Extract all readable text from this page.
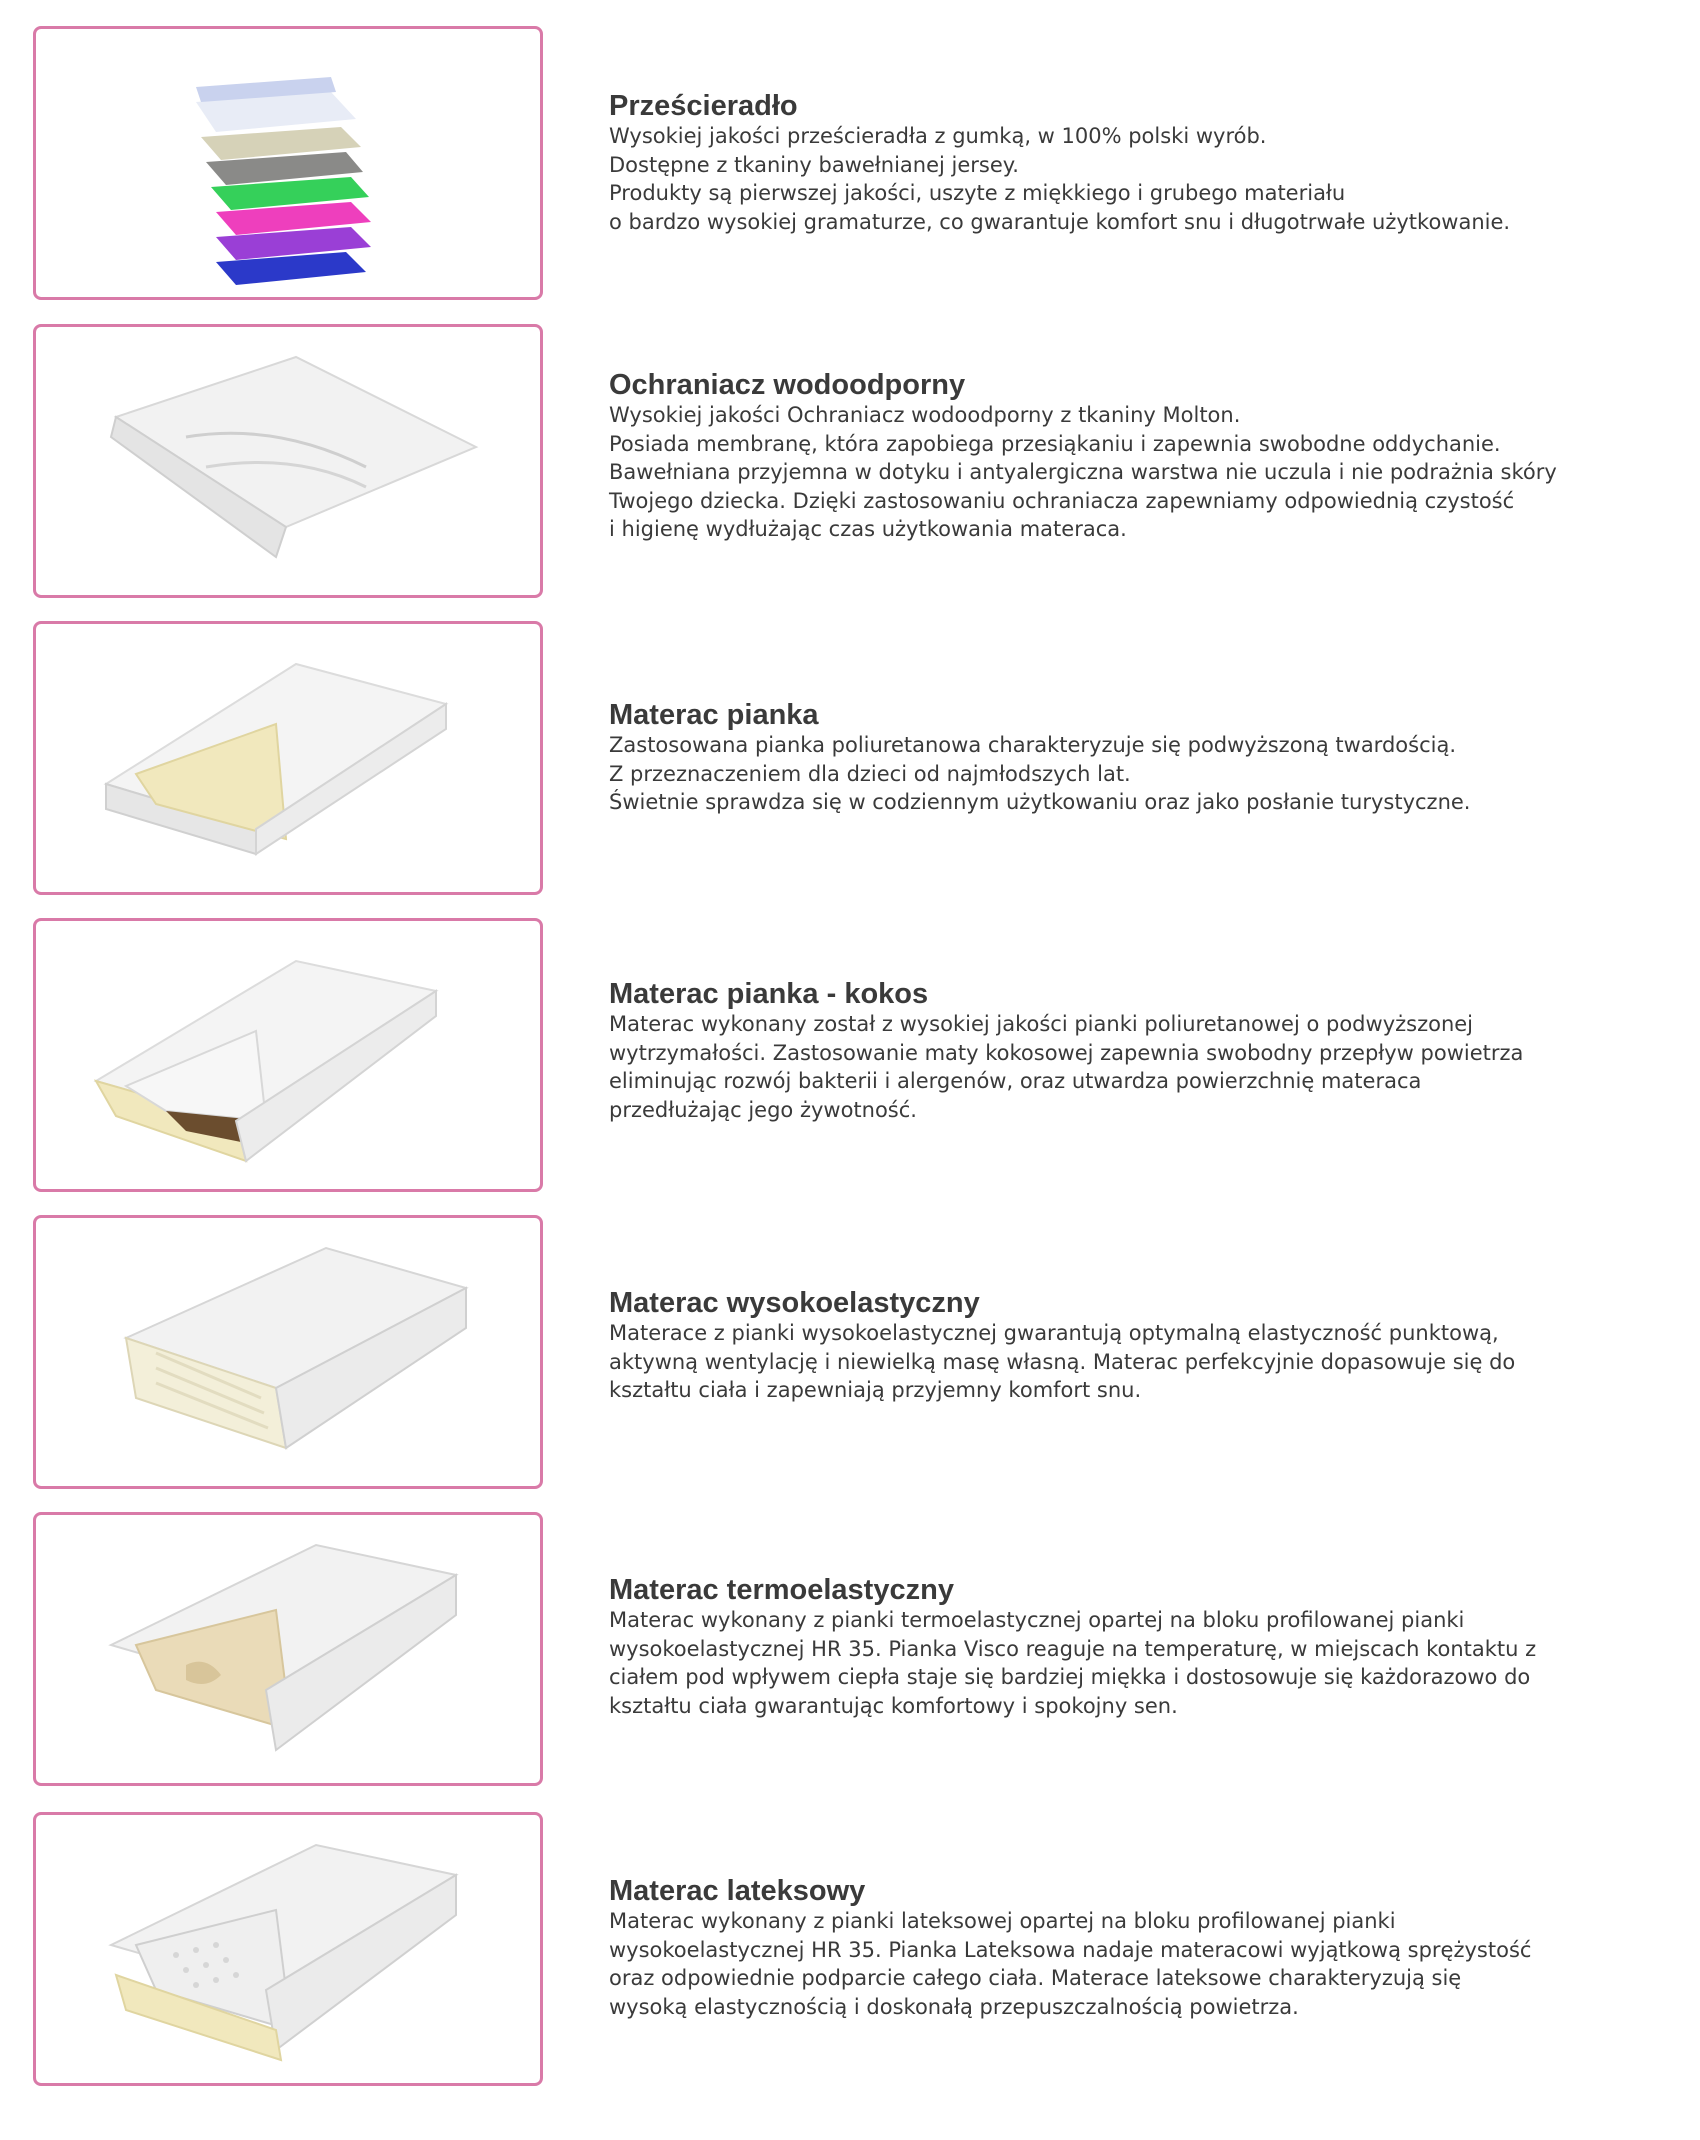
Prześcieradło

Wysokiej jakości prześcieradła z gumką, w 100% polski wyrób.
Dostępne z tkaniny bawełnianej jersey.
Produkty są pierwszej jakości, uszyte z miękkiego i grubego materiału
o bardzo wysokiej gramaturze, co gwarantuje komfort snu i długotrwałe użytkowanie.

Ochraniacz wodoodporny

Wysokiej jakości Ochraniacz wodoodporny z tkaniny Molton.
Posiada membranę, która zapobiega przesiąkaniu i zapewnia swobodne oddychanie.
Bawełniana przyjemna w dotyku i antyalergiczna warstwa nie uczula i nie podrażnia skóry
Twojego dziecka. Dzięki zastosowaniu ochraniacza zapewniamy odpowiednią czystość
i higienę wydłużając czas użytkowania materaca.

Materac pianka

Zastosowana pianka poliuretanowa charakteryzuje się podwyższoną twardością.
Z przeznaczeniem dla dzieci od najmłodszych lat.
Świetnie sprawdza się w codziennym użytkowaniu oraz jako posłanie turystyczne.

Materac pianka - kokos

Materac wykonany został z wysokiej jakości pianki poliuretanowej o podwyższonej
wytrzymałości. Zastosowanie maty kokosowej zapewnia swobodny przepływ powietrza
eliminując rozwój bakterii i alergenów, oraz utwardza powierzchnię materaca
przedłużając jego żywotność.

Materac wysokoelastyczny

Materace z pianki wysokoelastycznej gwarantują optymalną elastyczność punktową,
aktywną wentylację i niewielką masę własną. Materac perfekcyjnie dopasowuje się do
kształtu ciała i zapewniają przyjemny komfort snu.

Materac termoelastyczny

Materac wykonany z pianki termoelastycznej opartej na bloku profilowanej pianki
wysokoelastycznej HR 35. Pianka Visco reaguje na temperaturę, w miejscach kontaktu z
ciałem pod wpływem ciepła staje się bardziej miękka i dostosowuje się każdorazowo do
kształtu ciała gwarantując komfortowy i spokojny sen.

Materac lateksowy

Materac wykonany z pianki lateksowej opartej na bloku profilowanej pianki
wysokoelastycznej HR 35. Pianka Lateksowa nadaje materacowi wyjątkową sprężystość
oraz odpowiednie podparcie całego ciała. Materace lateksowe charakteryzują się
wysoką elastycznością i doskonałą przepuszczalnością powietrza.
